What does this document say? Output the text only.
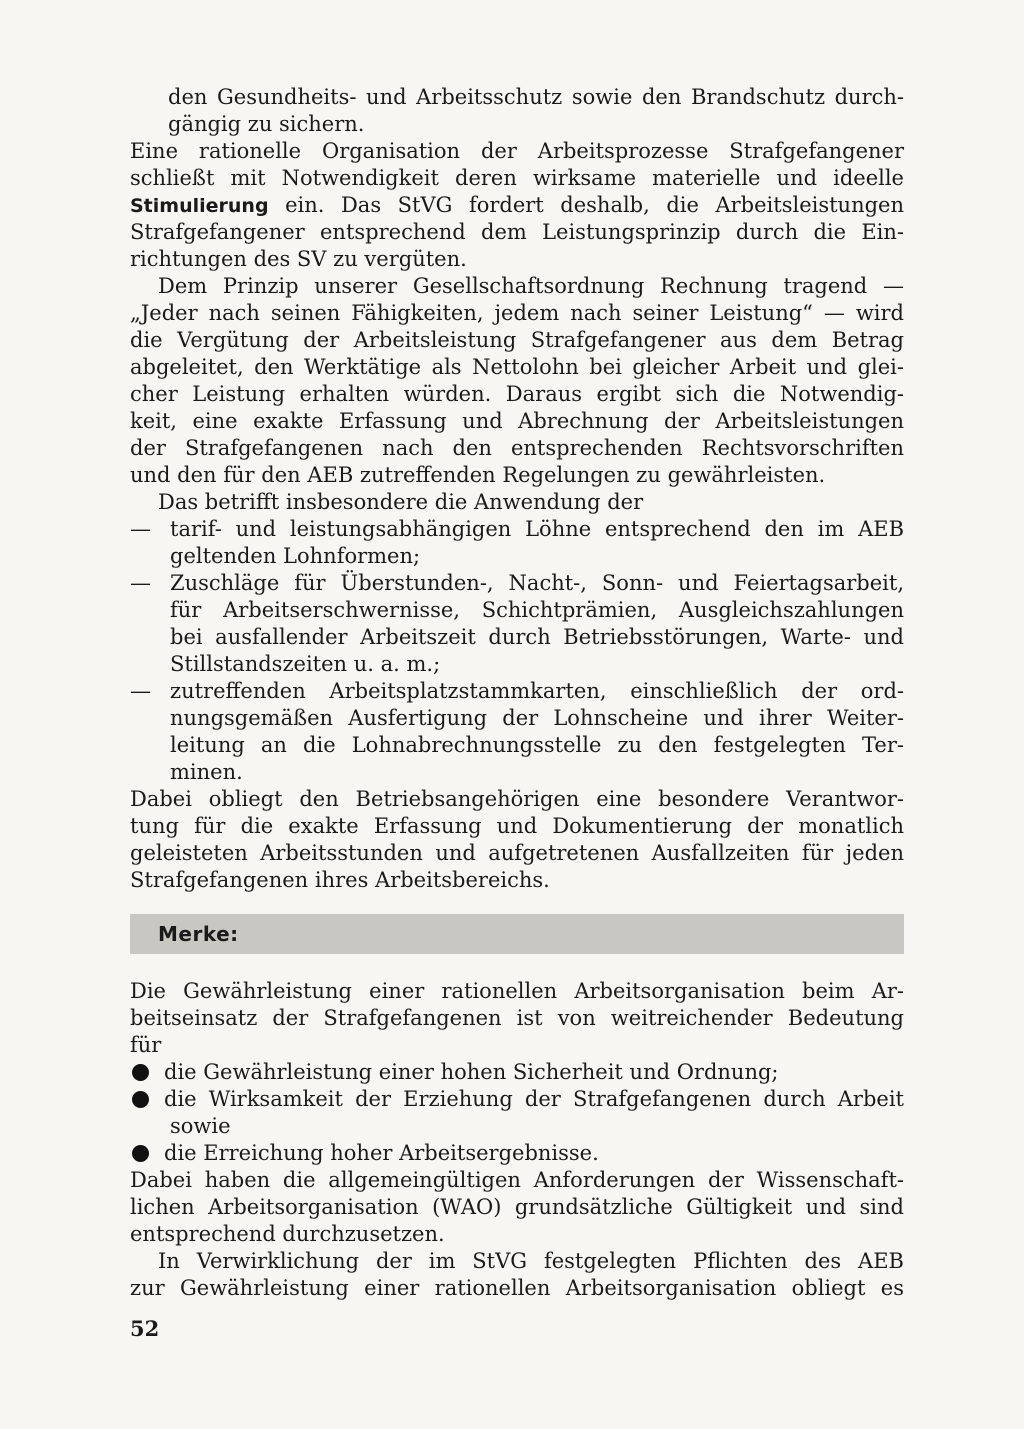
den Gesundheits- und Arbeitsschutz sowie den Brandschutz durch-
gängig zu sichern.
Eine rationelle Organisation der Arbeitsprozesse Strafgefangener
schließt mit Notwendigkeit deren wirksame materielle und ideelle
Stimulierung ein. Das StVG fordert deshalb, die Arbeitsleistungen
Strafgefangener entsprechend dem Leistungsprinzip durch die Ein-
richtungen des SV zu vergüten.
Dem Prinzip unserer Gesellschaftsordnung Rechnung tragend —
„Jeder nach seinen Fähigkeiten, jedem nach seiner Leistung“ — wird
die Vergütung der Arbeitsleistung Strafgefangener aus dem Betrag
abgeleitet, den Werktätige als Nettolohn bei gleicher Arbeit und glei-
cher Leistung erhalten würden. Daraus ergibt sich die Notwendig-
keit, eine exakte Erfassung und Abrechnung der Arbeitsleistungen
der Strafgefangenen nach den entsprechenden Rechtsvorschriften
und den für den AEB zutreffenden Regelungen zu gewährleisten.
Das betrifft insbesondere die Anwendung der
— tarif- und leistungsabhängigen Löhne entsprechend den im AEB
geltenden Lohnformen;
— Zuschläge für Überstunden-, Nacht-, Sonn- und Feiertagsarbeit,
für Arbeitserschwernisse, Schichtprämien, Ausgleichszahlungen
bei ausfallender Arbeitszeit durch Betriebsstörungen, Warte- und
Stillstandszeiten u. a. m.;
— zutreffenden Arbeitsplatzstammkarten, einschließlich der ord-
nungsgemäßen Ausfertigung der Lohnscheine und ihrer Weiter-
leitung an die Lohnabrechnungsstelle zu den festgelegten Ter-
minen.
Dabei obliegt den Betriebsangehörigen eine besondere Verantwor-
tung für die exakte Erfassung und Dokumentierung der monatlich
geleisteten Arbeitsstunden und aufgetretenen Ausfallzeiten für jeden
Strafgefangenen ihres Arbeitsbereichs.
Merke:
Die Gewährleistung einer rationellen Arbeitsorganisation beim Ar-
beitseinsatz der Strafgefangenen ist von weitreichender Bedeutung
für
die Gewährleistung einer hohen Sicherheit und Ordnung;
die Wirksamkeit der Erziehung der Strafgefangenen durch Arbeit
sowie
die Erreichung hoher Arbeitsergebnisse.
Dabei haben die allgemeingültigen Anforderungen der Wissenschaft-
lichen Arbeitsorganisation (WAO) grundsätzliche Gültigkeit und sind
entsprechend durchzusetzen.
In Verwirklichung der im StVG festgelegten Pflichten des AEB
zur Gewährleistung einer rationellen Arbeitsorganisation obliegt es
52
